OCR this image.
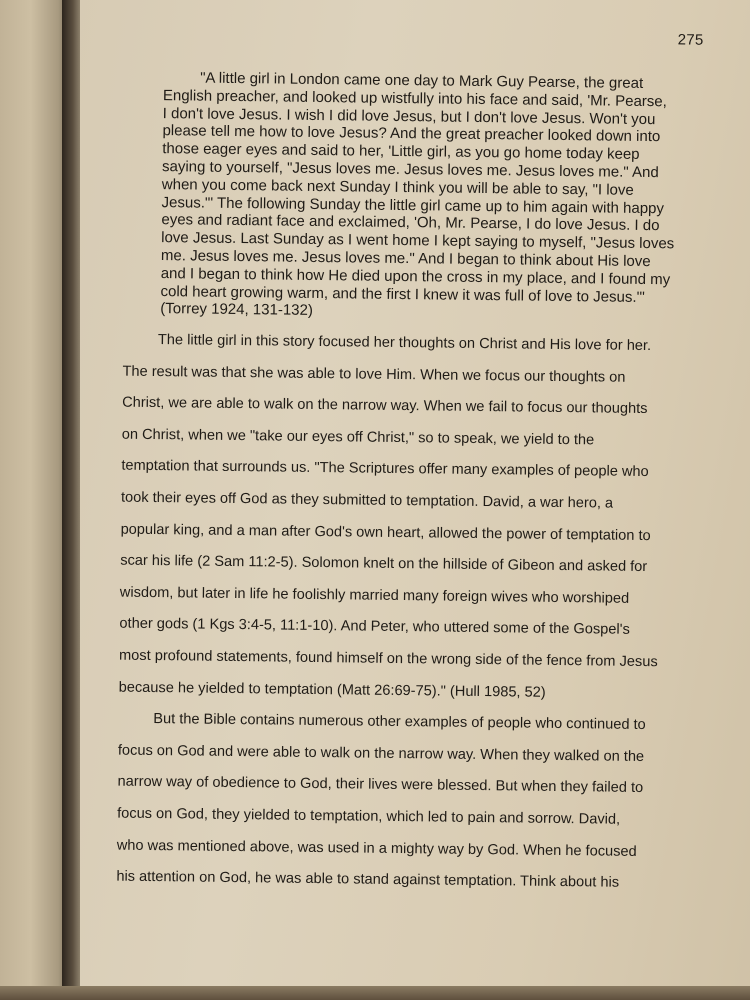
275
"A little girl in London came one day to Mark Guy Pearse, the great
English preacher, and looked up wistfully into his face and said, 'Mr. Pearse,
I don't love Jesus. I wish I did love Jesus, but I don't love Jesus. Won't you
please tell me how to love Jesus? And the great preacher looked down into
those eager eyes and said to her, 'Little girl, as you go home today keep
saying to yourself, "Jesus loves me. Jesus loves me. Jesus loves me." And
when you come back next Sunday I think you will be able to say, "I love
Jesus."' The following Sunday the little girl came up to him again with happy
eyes and radiant face and exclaimed, 'Oh, Mr. Pearse, I do love Jesus. I do
love Jesus. Last Sunday as I went home I kept saying to myself, "Jesus loves
me. Jesus loves me. Jesus loves me." And I began to think about His love
and I began to think how He died upon the cross in my place, and I found my
cold heart growing warm, and the first I knew it was full of love to Jesus.'"
(Torrey 1924, 131-132)
The little girl in this story focused her thoughts on Christ and His love for her.
The result was that she was able to love Him. When we focus our thoughts on
Christ, we are able to walk on the narrow way. When we fail to focus our thoughts
on Christ, when we "take our eyes off Christ," so to speak, we yield to the
temptation that surrounds us. "The Scriptures offer many examples of people who
took their eyes off God as they submitted to temptation. David, a war hero, a
popular king, and a man after God's own heart, allowed the power of temptation to
scar his life (2 Sam 11:2-5). Solomon knelt on the hillside of Gibeon and asked for
wisdom, but later in life he foolishly married many foreign wives who worshiped
other gods (1 Kgs 3:4-5, 11:1-10). And Peter, who uttered some of the Gospel's
most profound statements, found himself on the wrong side of the fence from Jesus
because he yielded to temptation (Matt 26:69-75)." (Hull 1985, 52)
But the Bible contains numerous other examples of people who continued to
focus on God and were able to walk on the narrow way. When they walked on the
narrow way of obedience to God, their lives were blessed. But when they failed to
focus on God, they yielded to temptation, which led to pain and sorrow. David,
who was mentioned above, was used in a mighty way by God. When he focused
his attention on God, he was able to stand against temptation. Think about his
